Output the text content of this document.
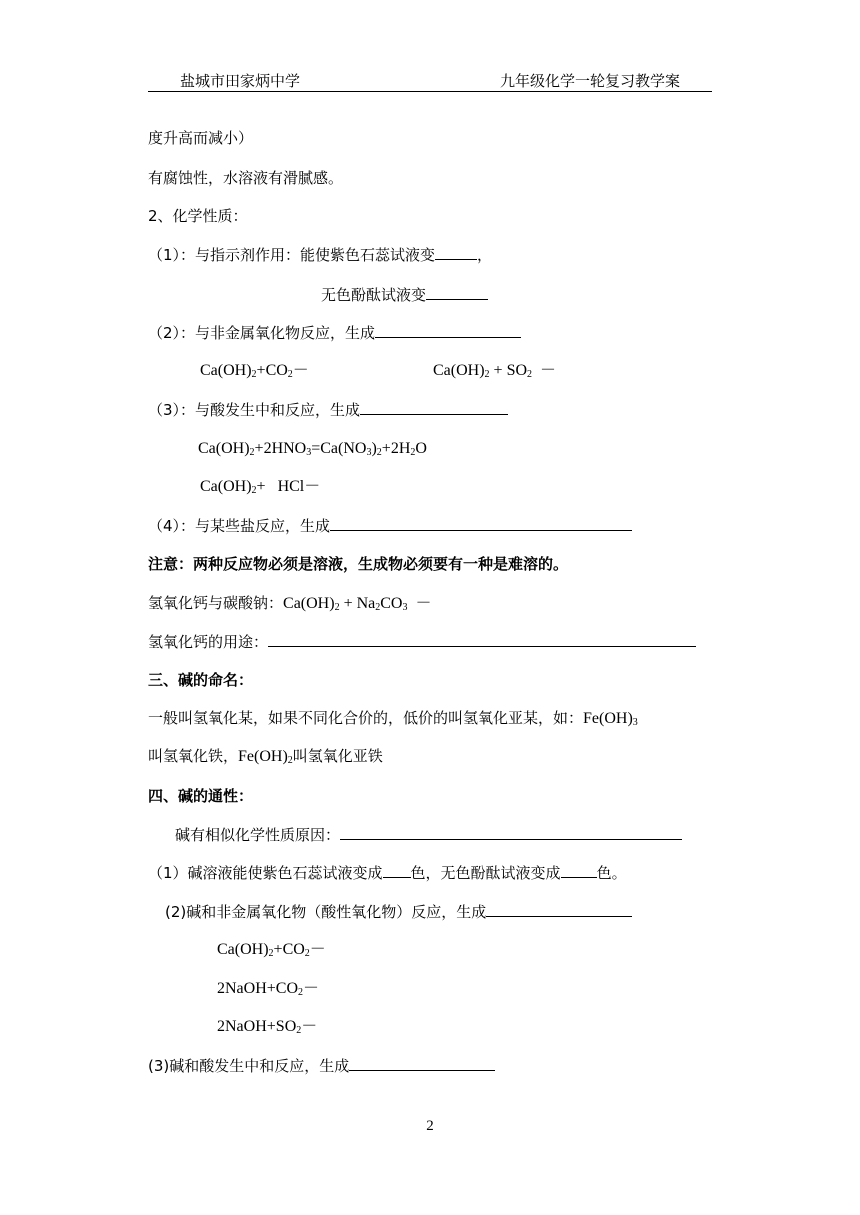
盐城市田家炳中学	九年级化学一轮复习教学案
度升高而减小）
有腐蚀性，水溶液有滑腻感。
2、化学性质：
（1）：与指示剂作用：能使紫色石蕊试液变	，
无色酚酞试液变
（2）：与非金属氧化物反应，生成
$Ca(OH)_2+CO_2-$	$Ca(OH)_2 + SO_2$ －
（3）：与酸发生中和反应，生成
$Ca(OH)_2+2HNO_3=Ca(NO_3)_2+2H_2O$
$Ca(OH)_2+ HCl-$
（4）：与某些盐反应，生成
注意：两种反应物必须是溶液，生成物必须要有一种是难溶的。
氢氧化钙与碳酸钠：$Ca(OH)_2 + Na_2CO_3$ －
氢氧化钙的用途：
三、碱的命名：
一般叫氢氧化某，如果不同化合价的，低价的叫氢氧化亚某，如：$Fe(OH)_3$
叫氢氧化铁，$Fe(OH)_2$叫氢氧化亚铁
四、碱的通性：
碱有相似化学性质原因：
（1）碱溶液能使紫色石蕊试液变成 色，无色酚酞试液变成 色。
(2)碱和非金属氧化物（酸性氧化物）反应，生成
$Ca(OH)_2+CO_2-$
$2NaOH+CO_2-$
$2NaOH+SO_2-$
(3)碱和酸发生中和反应，生成
2
